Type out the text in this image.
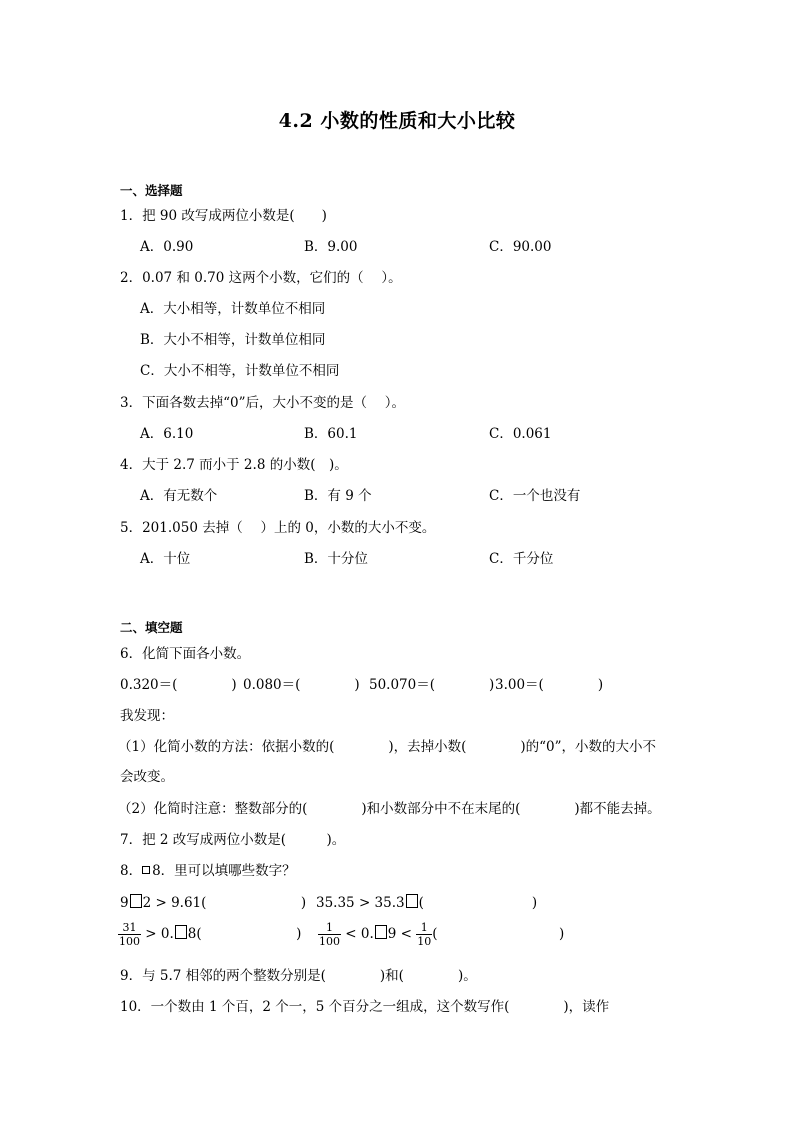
4.2 小数的性质和大小比较
一、选择题
1．把 90 改写成两位小数是(　　)
A．0.90	B．9.00	C．90.00
2．0.07 和 0.70 这两个小数，它们的（　 ）。
A．大小相等，计数单位不相同
B．大小不相等，计数单位相同
C．大小不相等，计数单位不相同
3．下面各数去掉“0”后，大小不变的是（　 ）。
A．6.10	B．60.1	C．0.061
4．大于 2.7 而小于 2.8 的小数(　)。
A．有无数个	B．有 9 个	C．一个也没有
5．201.050 去掉（　 ）上的 0，小数的大小不变。
A．十位	B．十分位	C．千分位
二、填空题
6．化简下面各小数。
0.320＝(　　　　) 0.080＝(　　　　) 50.070＝(　　　　) 3.00＝(　　　　)
我发现：
（1）化简小数的方法：依据小数的(　　　　)，去掉小数(　　　　)的“0”，小数的大小不
会改变。
（2）化简时注意：整数部分的(　　　　)和小数部分中不在末尾的(　　　　)都不能去掉。
7．把 2 改写成两位小数是(　　　)。
8． 8．里可以填哪些数字？
9 2 > 9.61(　　　　　　　) 35.35 > 35.3 (　　　　　　　　)
$\frac{31}{100} > 0$. 8(　　　　　　　) $\frac{1}{100} < 0$. $9 < \frac{1}{10}$ (　　　　　　　　　)
9．与 5.7 相邻的两个整数分别是(　　　　)和(　　　　)。
10．一个数由 1 个百，2 个一，5 个百分之一组成，这个数写作(　　　　)，读作
